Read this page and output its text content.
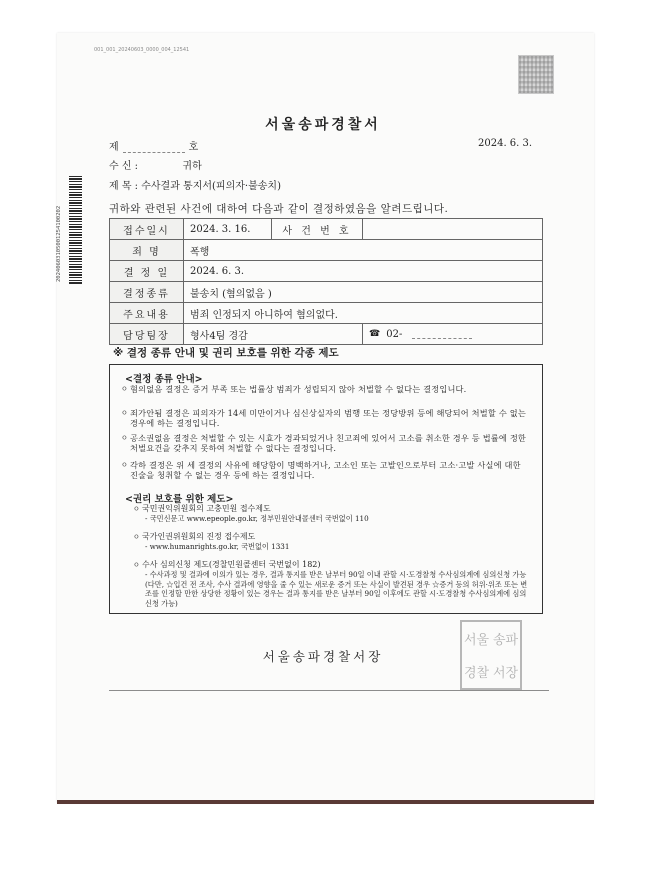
001_001_20240603_0000_004_12541
20240603105001254100202
서울송파경찰서
제	호	2024. 6. 3.
수 신 :	귀하
제 목 : 수사결과 통지서(피의자·불송치)
귀하와 관련된 사건에 대하여 다음과 같이 결정하였음을 알려드립니다.
접수일시	2024. 3. 16.	사 건 번 호	
죄 명	폭행		
결 정 일	2024. 6. 3.		
결정종류	불송치 (혐의없음 )		
주요내용	범죄 인정되지 아니하여 혐의없다.		
담당팀장	형사4팀 경감		☎ 02-
※ 결정 종류 안내 및 권리 보호를 위한 각종 제도
<결정 종류 안내>
ㅇ 혐의없음 결정은 증거 부족 또는 법률상 범죄가 성립되지 않아 처벌할 수 없다는 결정입니다.
ㅇ 죄가안됨 결정은 피의자가 14세 미만이거나 심신상실자의 범행 또는 정당방위 등에 해당되어 처벌할 수 없는 경우에 하는 결정입니다.
ㅇ 공소권없음 결정은 처벌할 수 있는 시효가 경과되었거나 친고죄에 있어서 고소를 취소한 경우 등 법률에 정한 처벌요건을 갖추지 못하여 처벌할 수 없다는 결정입니다.
ㅇ 각하 결정은 위 세 결정의 사유에 해당함이 명백하거나, 고소인 또는 고발인으로부터 고소·고발 사실에 대한 진술을 청취할 수 없는 경우 등에 하는 결정입니다.
<권리 보호를 위한 제도>
ㅇ 국민권익위원회의 고충민원 접수제도
- 국민신문고 www.epeople.go.kr, 정부민원안내콜센터 국번없이 110
ㅇ 국가인권위원회의 진정 접수제도
- www.humanrights.go.kr, 국번없이 1331
ㅇ 수사 심의신청 제도(경찰민원콜센터 국번없이 182)
- 수사과정 및 결과에 이의가 있는 경우, 결과 통지를 받은 날부터 90일 이내 관할 시·도경찰청 수사심의계에 심의신청 가능 (다만, ☆입건 전 조사, 수사 결과에 영향을 줄 수 있는 새로운 증거 또는 사실이 발견된 경우 ☆증거 등의 허위·위조 또는 변조를 인정할 만한 상당한 정황이 있는 경우는 결과 통지를 받은 날부터 90일 이후에도 관할 시·도경찰청 수사심의계에 심의신청 가능)
서울송파경찰서장
서울 송파
경찰 서장
